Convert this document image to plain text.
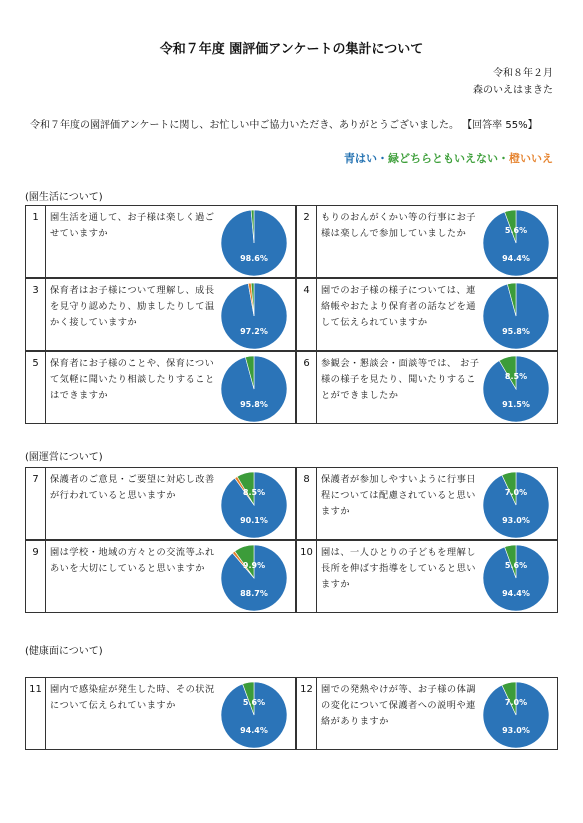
令和７年度 園評価アンケートの集計について
令和８年２月
森のいえはまきた
令和７年度の園評価アンケートに関し、お忙しい中ご協力いただき、ありがとうございました。 【回答率 55%】
青はい・緑どちらともいえない・橙いいえ
(園生活について)
(園運営について)
(健康面について)
1	園生活を通して、お子様は楽しく過ごせていますか
98.6%
2	もりのおんがくかい等の行事にお子様は楽しんで参加していましたか
94.4%
5.6%
3	保育者はお子様について理解し、成長を見守り認めたり、励ましたりして温かく接していますか
97.2%
4	園でのお子様の様子については、連絡帳やおたより保育者の話などを通して伝えられていますか
95.8%
5	保育者にお子様のことや、保育について気軽に聞いたり相談したりすることはできますか
95.8%
6	参観会・懇談会・面談等では、 お子様の様子を見たり、聞いたりすることができましたか
91.5%
8.5%
7	保護者のご意見・ご要望に対応し改善が行われていると思いますか
90.1%
8.5%
8	保護者が参加しやすいように行事日程については配慮されていると思いますか
93.0%
7.0%
9	園は学校・地域の方々との交流等ふれあいを大切にしていると思いますか
88.7%
9.9%
10 園は、一人ひとりの子どもを理解し長所を伸ばす指導をしていると思いますか
94.4%
5.6%
11 園内で感染症が発生した時、その状況について伝えられていますか
94.4%
5.6%
12 園での発熱やけが等、お子様の体調の変化について保護者への説明や連絡がありますか
93.0%
7.0%
